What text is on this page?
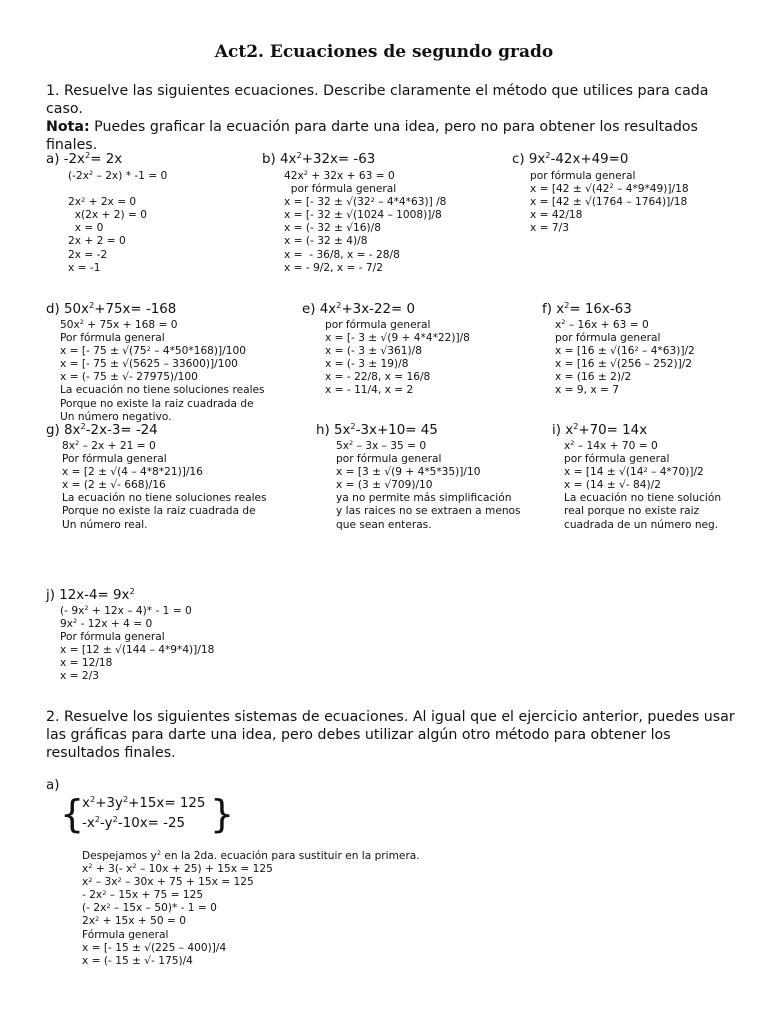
Act2. Ecuaciones de segundo grado
1. Resuelve las siguientes ecuaciones. Describe claramente el método que utilices para cada caso.
Nota: Puedes graficar la ecuación para darte una idea, pero no para obtener los resultados finales.
a) $-2x^2= 2x$
$(-2x^2 - 2x) * -1 = 0$

$2x^2 + 2x = 0$
x(2x + 2) = 0
x = 0
2x + 2 = 0
2x = -2
x = -1
b) $4x^2+32x= -63$
$42x^2 + 32x + 63 = 0$
por fórmula general
x = [- $32 \pm √(32^2 - 4*4*63)$] /8
x = [- 32 ± √(1024 – 1008)]/8
x = (- 32 ± √16)/8
x = (- 32 ± 4)/8
x =  - 36/8, x = - 28/8
x = - 9/2, x = - 7/2
c) $9x^2-42x+49=0$
por fórmula general
$x = [42 \pm √(42^2 - 4*9*49)]/18$
x = [42 ± √(1764 – 1764)]/18
x = 42/18
x = 7/3
d) $50x^2+75x= -168$
$50x^2 + 75x + 168 = 0$
Por fórmula general
x = [- $75 \pm √(75^2 - 4*50*168)]/100$
x = [- 75 ± √(5625 – 33600)]/100
x = (- 75 ± √- 27975)/100
La ecuación no tiene soluciones reales
Porque no existe la raiz cuadrada de
Un número negativo.
e) $4x^2+3x-22= 0$
por fórmula general
x = [- 3 ± √(9 + 4*4*22)]/8
x = (- 3 ± √361)/8
x = (- 3 ± 19)/8
x = - 22/8, x = 16/8
x = - 11/4, x = 2
f) $x^2= 16x-63$
$x^2 - 16x + 63 = 0$
por fórmula general
$x = [16 \pm √(16^2 - 4*63)]/2$
x = [16 ± √(256 – 252)]/2
x = (16 ± 2)/2
x = 9, x = 7
g) $8x^2-2x-3= -24$
$8x^2 - 2x + 21 = 0$
Por fórmula general
x = [2 ± √(4 – 4*8*21)]/16
x = (2 ± √- 668)/16
La ecuación no tiene soluciones reales
Porque no existe la raiz cuadrada de
Un número real.
h) $5x^2-3x+10= 45$
$5x^2 - 3x - 35 = 0$
por fórmula general
x = [3 ± √(9 + 4*5*35)]/10
x = (3 ± √709)/10
ya no permite más simplificación
y las raices no se extraen a menos
que sean enteras.
i) $x^2+70= 14x$
$x^2 - 14x + 70 = 0$
por fórmula general
$x = [14 \pm √(14^2 - 4*70)]/2$
x = (14 ± √- 84)/2
La ecuación no tiene solución
real porque no existe raiz
cuadrada de un número neg.
j) $12x-4= 9x^2$
(- $9x^2 + 12x - 4)* - 1 = 0$
$9x^2 - 12x + 4 = 0$
Por fórmula general
x = [12 ± √(144 – 4*9*4)]/18
x = 12/18
x = 2/3
2. Resuelve los siguientes sistemas de ecuaciones. Al igual que el ejercicio anterior, puedes usar las gráficas para darte una idea, pero debes utilizar algún otro método para obtener los resultados finales.
a)
{
$x^2+3y^2+15x= 125$
$-x^2-y^2-10x= -25$ }
Despejamos $y^2$ en la 2da. ecuación para sustituir en la primera.
$x^2 + 3(-$ $x^2 - 10x + 25) + 15x = 125$
$x^2 - 3x^2 - 30x + 75 + 15x = 125$
- $2x^2 - 15x + 75 = 125$
(- $2x^2 - 15x - 50)* - 1 = 0$
$2x^2 + 15x + 50 = 0$
Fórmula general
x = [- 15 ± √(225 – 400)]/4
x = (- 15 ± √- 175)/4
